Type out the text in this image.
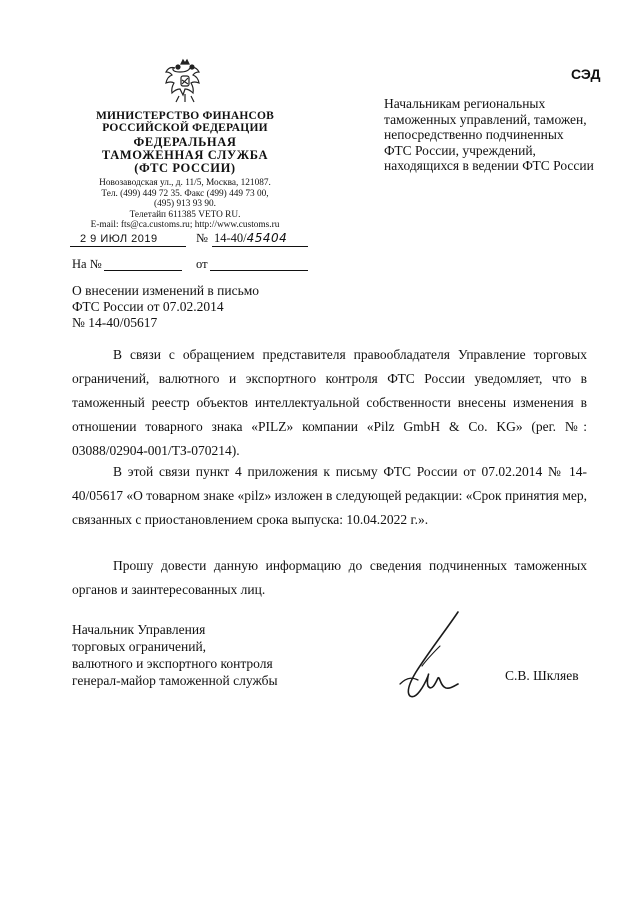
МИНИСТЕРСТВО ФИНАНСОВ
РОССИЙСКОЙ ФЕДЕРАЦИИ
ФЕДЕРАЛЬНАЯ
ТАМОЖЕННАЯ СЛУЖБА
(ФТС РОССИИ)
Новозаводская ул., д. 11/5, Москва, 121087.
Тел. (499) 449 72 35. Факс (499) 449 73 00,
(495) 913 93 90.
Телетайп 611385 VETO RU.
E-mail: fts@ca.customs.ru; http://www.customs.ru
2 9 ИЮЛ 2019	№ 14-40/45404
На №	от
СЭД
Начальникам региональных таможенных управлений, таможен, непосредственно подчиненных ФТС России, учреждений, находящихся в ведении ФТС России
О внесении изменений в письмо
ФТС России от 07.02.2014
№ 14-40/05617
В связи с обращением представителя правообладателя Управление торговых ограничений, валютного и экспортного контроля ФТС России уведомляет, что в таможенный реестр объектов интеллектуальной собственности внесены изменения в отношении товарного знака «PILZ» компании «Pilz GmbH & Co. KG» (рег. №: 03088/02904-001/ТЗ-070214).
В этой связи пункт 4 приложения к письму ФТС России от 07.02.2014 № 14-40/05617 «О товарном знаке «pilz» изложен в следующей редакции: «Срок принятия мер, связанных с приостановлением срока выпуска: 10.04.2022 г.».
Прошу довести данную информацию до сведения подчиненных таможенных органов и заинтересованных лиц.
Начальник Управления
торговых ограничений,
валютного и экспортного контроля
генерал-майор таможенной службы	С.В. Шкляев
